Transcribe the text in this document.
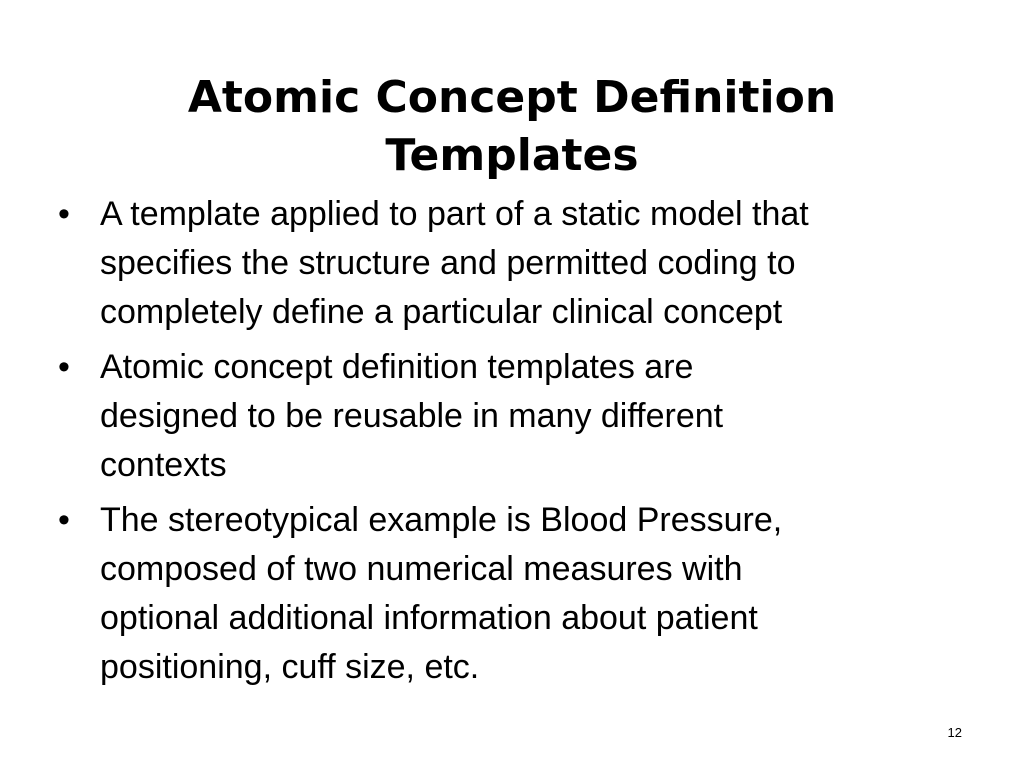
Atomic Concept Definition
Templates
• A template applied to part of a static model that
specifies the structure and permitted coding to
completely define a particular clinical concept
• Atomic concept definition templates are
designed to be reusable in many different
contexts
• The stereotypical example is Blood Pressure,
composed of two numerical measures with
optional additional information about patient
positioning, cuff size, etc.
12
